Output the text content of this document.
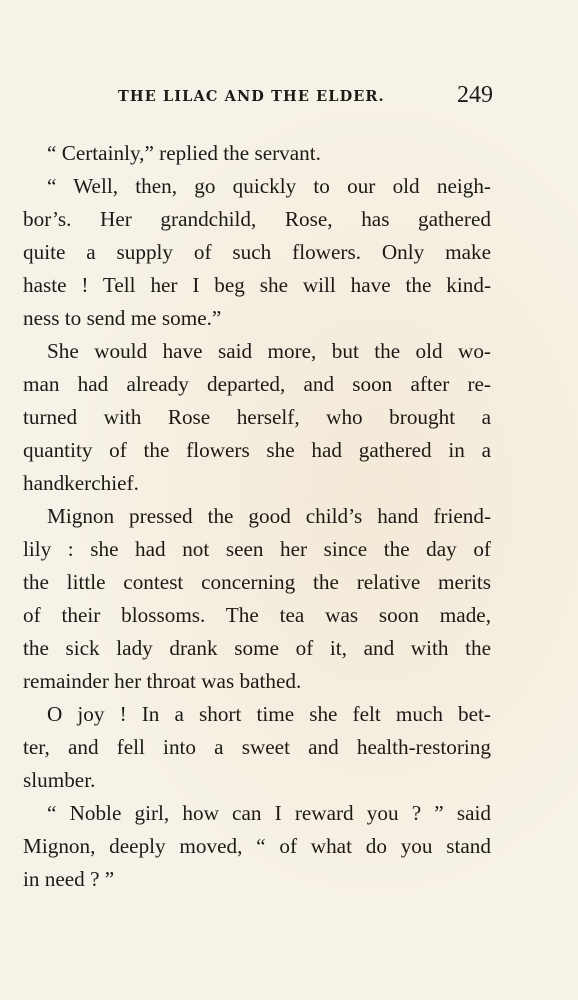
THE LILAC AND THE ELDER.	249
“ Certainly,” replied the servant.
“ Well, then, go quickly to our old neigh-
bor’s. Her grandchild, Rose, has gathered
quite a supply of such flowers. Only make
haste ! Tell her I beg she will have the kind-
ness to send me some.”
She would have said more, but the old wo-
man had already departed, and soon after re-
turned with Rose herself, who brought a
quantity of the flowers she had gathered in a
handkerchief.
Mignon pressed the good child’s hand friend-
lily : she had not seen her since the day of
the little contest concerning the relative merits
of their blossoms. The tea was soon made,
the sick lady drank some of it, and with the
remainder her throat was bathed.
O joy ! In a short time she felt much bet-
ter, and fell into a sweet and health-restoring
slumber.
“ Noble girl, how can I reward you ? ” said
Mignon, deeply moved, “ of what do you stand
in need ? ”
